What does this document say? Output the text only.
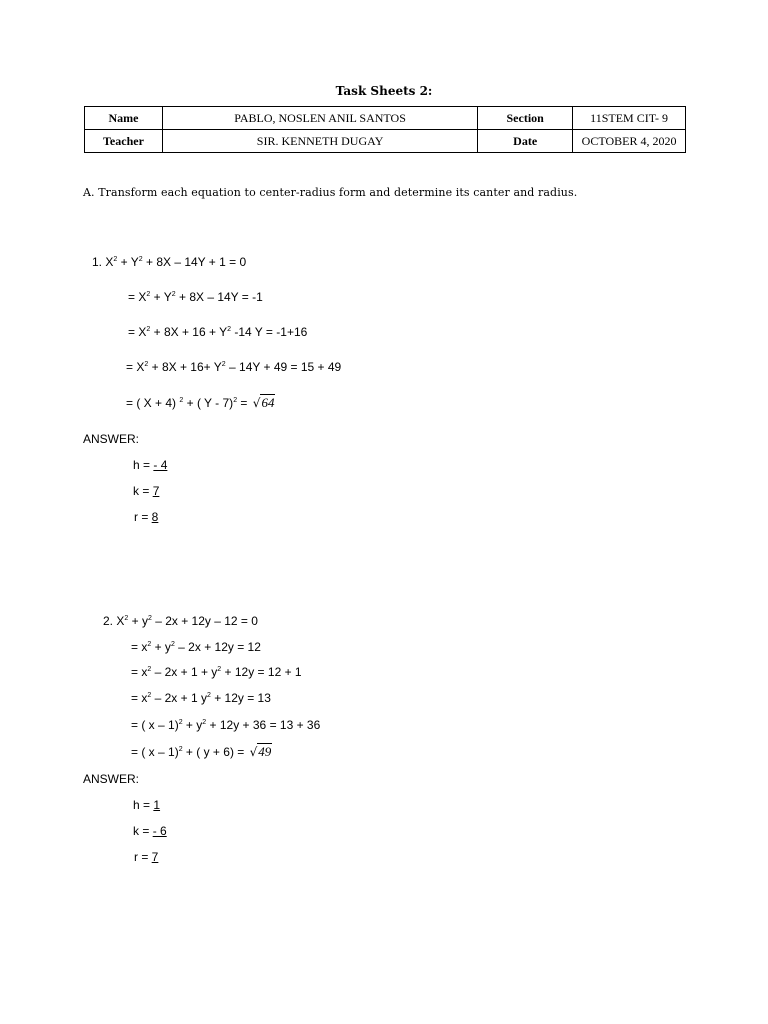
Task Sheets 2:
Name	PABLO, NOSLEN ANIL SANTOS	Section	11STEM CIT- 9
Teacher	SIR. KENNETH DUGAY	Date	OCTOBER 4, 2020
A. Transform each equation to center-radius form and determine its canter and radius.
1. $X^2 + Y^2 + 8X - 14Y + 1 = 0$
= $X^2 + Y^2 + 8X - 14Y = -1$
= $X^2 + 8X + 16 + Y^2$ -14 Y = -1+16
= $X^2 + 8X + 16+ Y^2 - 14Y + 49 = 15 + 49$
= ( X + 4) $^2$ + ( Y - 7)$^2$ = √64
ANSWER:
h = - 4
k = 7
r = 8
2. $X^2 + y^2 - 2x + 12y - 12 = 0$
= $x^2 + y^2 - 2x + 12y = 12$
= $x^2 - 2x + 1 + y^2 + 12y = 12 + 1$
= $x^2 - 2x + 1$ $y^2 + 12y = 13$
= ( $x - 1)^2 + y^2 + 12y + 36 = 13 + 36$
= ( x – 1)$^2$ + ( y + 6) = √49
ANSWER:
h = 1
k = - 6
r = 7
